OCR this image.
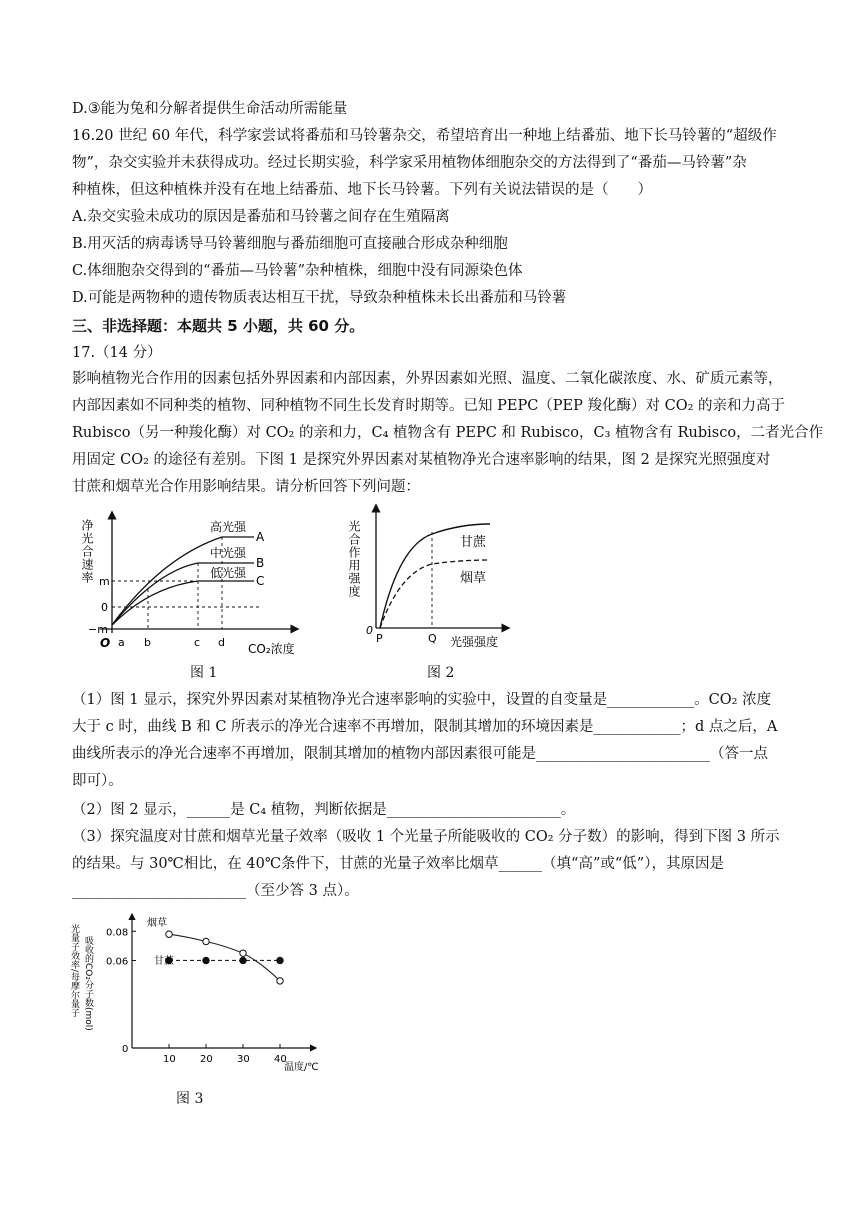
D.③能为兔和分解者提供生命活动所需能量
16.20 世纪 60 年代，科学家尝试将番茄和马铃薯杂交，希望培育出一种地上结番茄、地下长马铃薯的“超级作
物”，杂交实验并未获得成功。经过长期实验，科学家采用植物体细胞杂交的方法得到了“番茄—马铃薯”杂
种植株，但这种植株并没有在地上结番茄、地下长马铃薯。下列有关说法错误的是（　　）
A.杂交实验未成功的原因是番茄和马铃薯之间存在生殖隔离
B.用灭活的病毒诱导马铃薯细胞与番茄细胞可直接融合形成杂种细胞
C.体细胞杂交得到的“番茄—马铃薯”杂种植株，细胞中没有同源染色体
D.可能是两物种的遗传物质表达相互干扰，导致杂种植株未长出番茄和马铃薯
三、非选择题：本题共 5 小题，共 60 分。
17.（14 分）
影响植物光合作用的因素包括外界因素和内部因素，外界因素如光照、温度、二氧化碳浓度、水、矿质元素等，
内部因素如不同种类的植物、同种植物不同生长发育时期等。已知 PEPC（PEP 羧化酶）对 CO₂ 的亲和力高于
Rubisco（另一种羧化酶）对 CO₂ 的亲和力，C₄ 植物含有 PEPC 和 Rubisco，C₃ 植物含有 Rubisco，二者光合作
用固定 CO₂ 的途径有差别。下图 1 是探究外界因素对某植物净光合速率影响的结果，图 2 是探究光照强度对
甘蔗和烟草光合作用影响结果。请分析回答下列问题：
净光合速率	高光强
A
中光强
B
低光强
C
m
0
−m
O a b	c d CO₂浓度
图 1
光合作用强度	甘蔗
烟草
0
P	Q 光强强度
图 2
（1）图 1 显示，探究外界因素对某植物净光合速率影响的实验中，设置的自变量是____________。CO₂ 浓度
大于 c 时，曲线 B 和 C 所表示的净光合速率不再增加，限制其增加的环境因素是____________；d 点之后，A
曲线所表示的净光合速率不再增加，限制其增加的植物内部因素很可能是________________________（答一点
即可）。
（2）图 2 显示，______是 C₄ 植物，判断依据是________________________。
（3）探究温度对甘蔗和烟草光量子效率（吸收 1 个光量子所能吸收的 CO₂ 分子数）的影响，得到下图 3 所示
的结果。与 30℃相比，在 40℃条件下，甘蔗的光量子效率比烟草______（填“高”或“低”），其原因是
________________________（至少答 3 点）。
0
0.06
0.08
10 20 30 40
光量子效率/每摩尔量子 吸收的CO₂分子数(mol)
烟草
甘蔗
温度/℃
图 3
